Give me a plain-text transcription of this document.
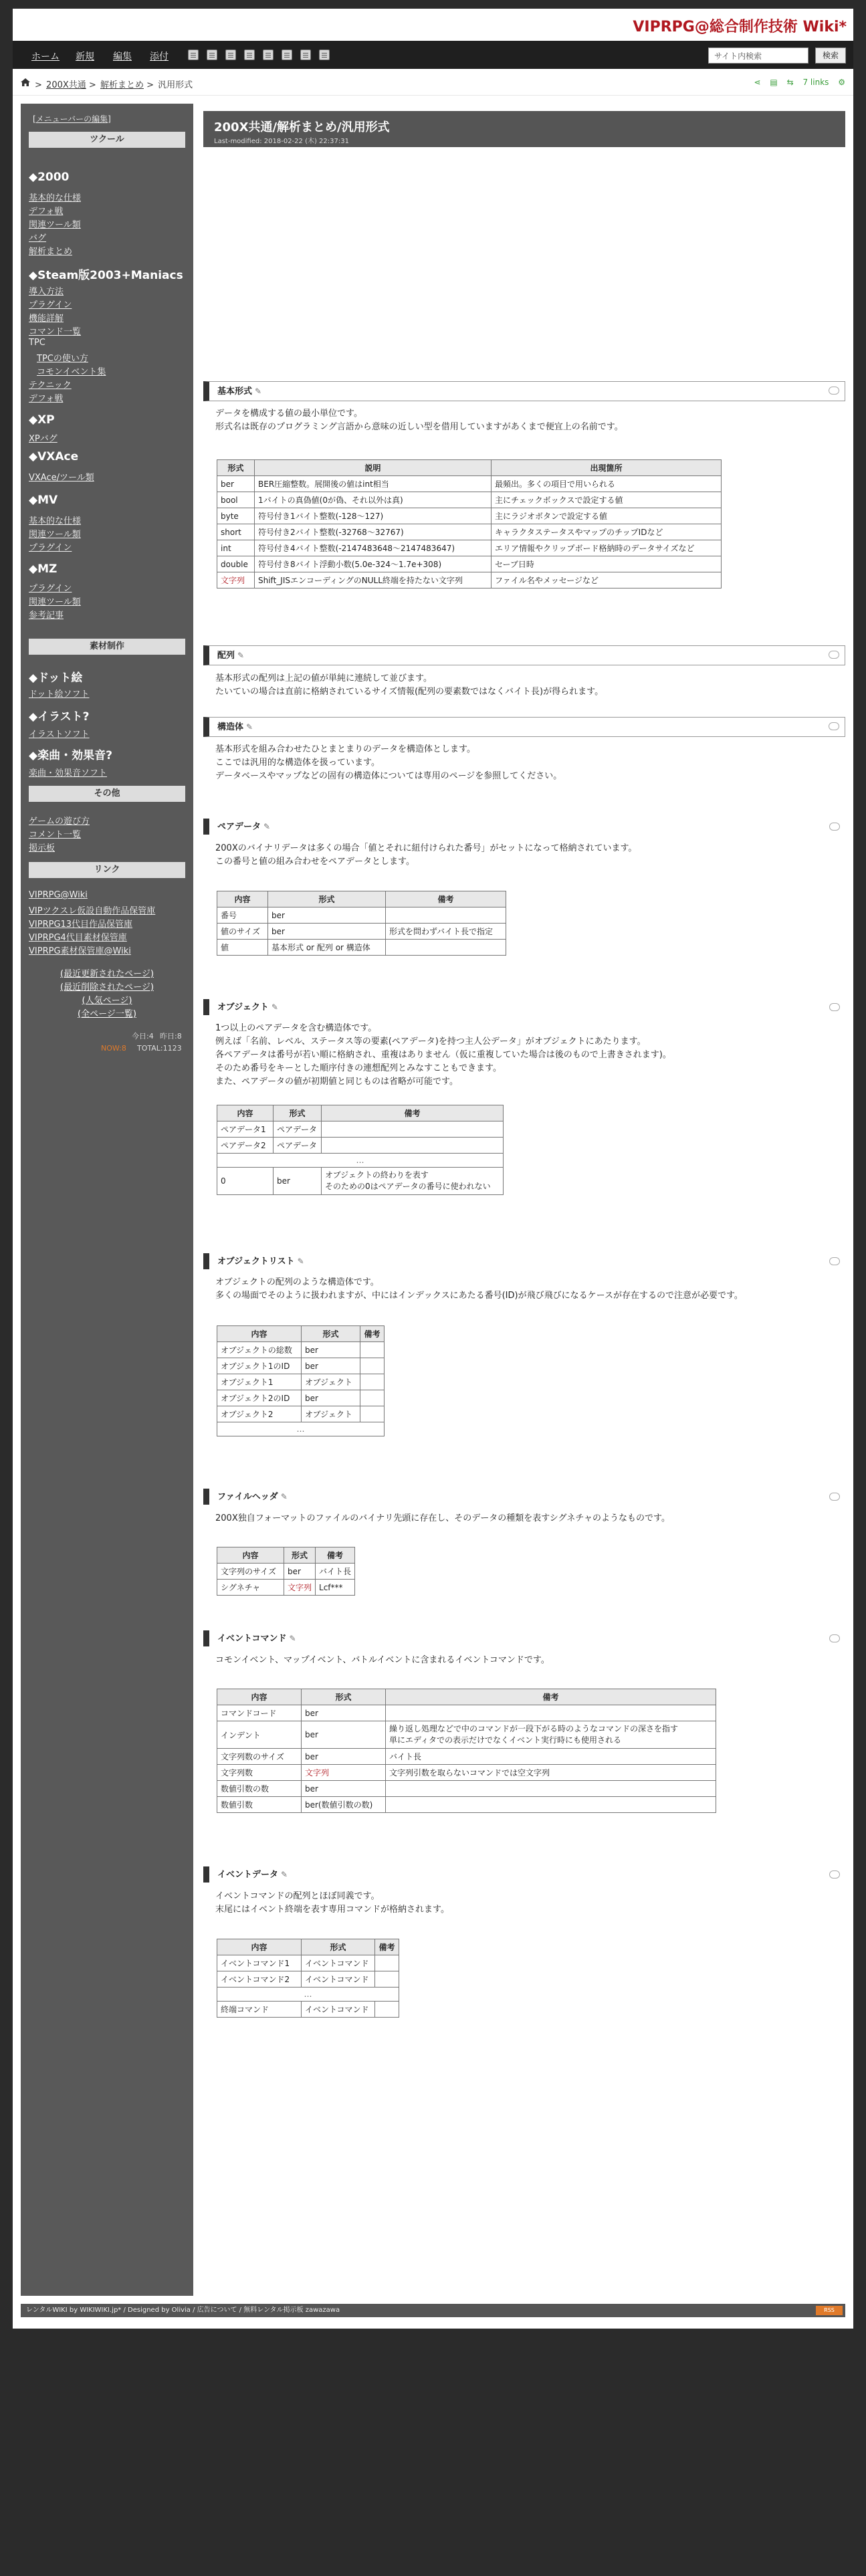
VIPRPG@総合制作技術 Wiki*
ホーム 新規 編集 添付	サイト内検索	検索
> 200X共通 > 解析まとめ > 汎用形式	⋖ ▤ ⇆ 7 links ⚙
[メニューバーの編集]
ツクール
◆2000
基本的な仕様
デフォ戦
関連ツール類
バグ
解析まとめ
◆Steam版2003+Maniacs
導入方法
プラグイン
機能詳解
コマンド一覧
TPC
TPCの使い方
コモンイベント集
テクニック
デフォ戦
◆XP
XPバグ
◆VXAce
VXAce/ツール類
◆MV
基本的な仕様
関連ツール類
プラグイン
◆MZ
プラグイン
関連ツール類
参考記事
素材制作
◆ドット絵
ドット絵ソフト
◆イラスト?
イラストソフト
◆楽曲・効果音?
楽曲・効果音ソフト
その他
ゲームの遊び方
コメント一覧
掲示板
リンク
VIPRPG@Wiki
VIPツクスレ仮設自動作品保管庫
VIPRPG13代目作品保管庫
VIPRPG4代目素材保管庫
VIPRPG素材保管庫@Wiki
(最近更新されたページ)
(最近削除されたページ)
(人気ページ)
(全ページ一覧)
今日:4 昨日:8
NOW:8 TOTAL:1123
200X共通/解析まとめ/汎用形式
Last-modified: 2018-02-22 (木) 22:37:31
基本形式 ✎
データを構成する値の最小単位です。
形式名は既存のプログラミング言語から意味の近しい型を借用していますがあくまで便宜上の名前です。
形式	説明	出現箇所
ber	BER圧縮整数。展開後の値はint相当	最頻出。多くの項目で用いられる
bool	1バイトの真偽値(0が偽、それ以外は真)	主にチェックボックスで設定する値
byte	符号付き1バイト整数(-128～127)	主にラジオボタンで設定する値
short	符号付き2バイト整数(-32768～32767)	キャラクタステータスやマップのチップIDなど
int	符号付き4バイト整数(-2147483648～2147483647)	エリア情報やクリップボード格納時のデータサイズなど
double	符号付き8バイト浮動小数(5.0e-324～1.7e+308)	セーブ日時
文字列	Shift_JISエンコーディングのNULL終端を持たない文字列	ファイル名やメッセージなど
配列 ✎
基本形式の配列は上記の値が単純に連続して並びます。
たいていの場合は直前に格納されているサイズ情報(配列の要素数ではなくバイト長)が得られます。
構造体 ✎
基本形式を組み合わせたひとまとまりのデータを構造体とします。
ここでは汎用的な構造体を扱っています。
データベースやマップなどの固有の構造体については専用のページを参照してください。
ペアデータ ✎
200Xのバイナリデータは多くの場合「値とそれに紐付けられた番号」がセットになって格納されています。
この番号と値の組み合わせをペアデータとします。
内容	形式	備考
番号	ber	
値のサイズ	ber	形式を問わずバイト長で指定
値	基本形式 or 配列 or 構造体	
オブジェクト ✎
1つ以上のペアデータを含む構造体です。
例えば「名前、レベル、ステータス等の要素(ペアデータ)を持つ主人公データ」がオブジェクトにあたります。
各ペアデータは番号が若い順に格納され、重複はありません（仮に重複していた場合は後のもので上書きされます)。
そのため番号をキーとした順序付きの連想配列とみなすこともできます。
また、ペアデータの値が初期値と同じものは省略が可能です。
内容	形式	備考
ペアデータ1	ペアデータ	
ペアデータ2	ペアデータ	
…		
0	ber	オブジェクトの終わりを表す
そのための0はペアデータの番号に使われない
オブジェクトリスト ✎
オブジェクトの配列のような構造体です。
多くの場面でそのように扱われますが、中にはインデックスにあたる番号(ID)が飛び飛びになるケースが存在するので注意が必要です。
内容	形式	備考
オブジェクトの総数	ber	
オブジェクト1のID	ber	
オブジェクト1	オブジェクト	
オブジェクト2のID	ber	
オブジェクト2	オブジェクト	
…		
ファイルヘッダ ✎
200X独自フォーマットのファイルのバイナリ先頭に存在し、そのデータの種類を表すシグネチャのようなものです。
内容	形式	備考
文字列のサイズ	ber	バイト長
シグネチャ	文字列	Lcf***
イベントコマンド ✎
コモンイベント、マップイベント、バトルイベントに含まれるイベントコマンドです。
内容	形式	備考
コマンドコード	ber	
インデント	ber	繰り返し処理などで中のコマンドが一段下がる時のようなコマンドの深さを指す
単にエディタでの表示だけでなくイベント実行時にも使用される
文字列数のサイズ	ber	バイト長
文字列数	文字列	文字列引数を取らないコマンドでは空文字列
数値引数の数	ber	
数値引数	ber(数値引数の数)	
イベントデータ ✎
イベントコマンドの配列とほぼ同義です。
末尾にはイベント終端を表す専用コマンドが格納されます。
内容	形式	備考
イベントコマンド1	イベントコマンド	
イベントコマンド2	イベントコマンド	
…		
終端コマンド	イベントコマンド	
レンタルWIKI by WIKIWIKI.jp* / Designed by Olivia / 広告について / 無料レンタル掲示板 zawazawa	RSS
